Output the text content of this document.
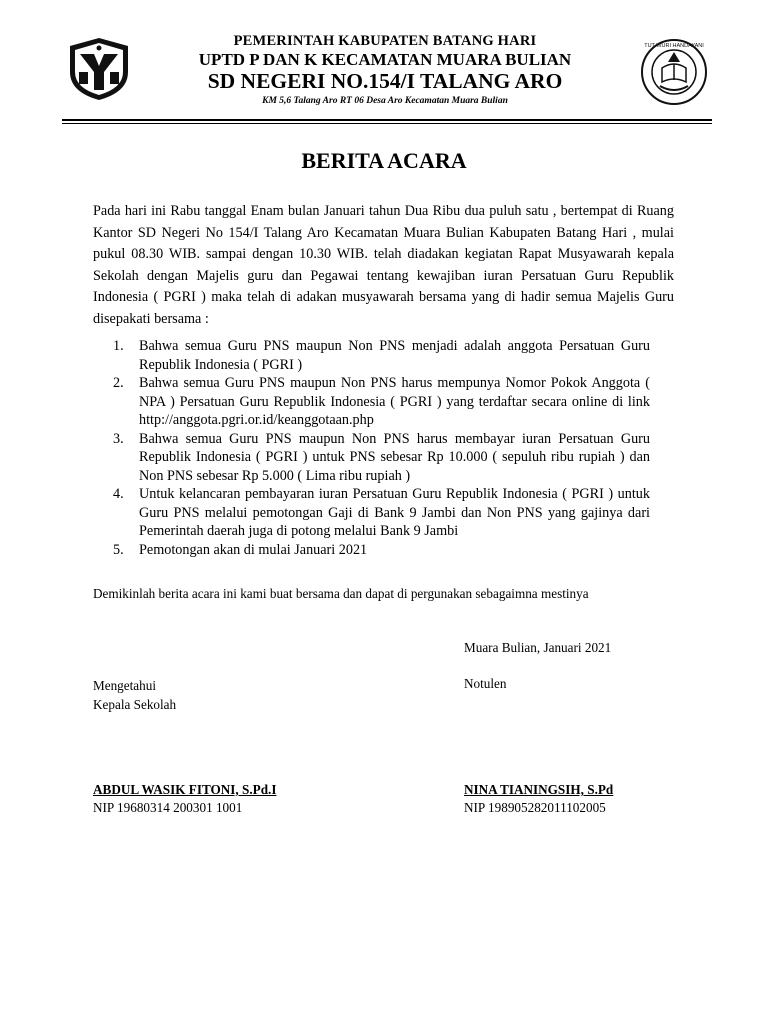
TUT WURI HANDAYANI
PEMERINTAH KABUPATEN BATANG HARI
UPTD P DAN K KECAMATAN MUARA BULIAN
SD NEGERI NO.154/I TALANG ARO
KM 5,6 Talang Aro RT 06 Desa Aro Kecamatan Muara Bulian
BERITA ACARA

Pada hari ini Rabu tanggal Enam bulan Januari tahun Dua Ribu dua puluh satu , bertempat di Ruang Kantor SD Negeri No 154/I Talang Aro Kecamatan Muara Bulian Kabupaten Batang Hari , mulai pukul 08.30 WIB. sampai dengan 10.30 WIB. telah diadakan kegiatan Rapat Musyawarah kepala Sekolah dengan Majelis guru dan Pegawai tentang kewajiban iuran Persatuan Guru Republik Indonesia ( PGRI ) maka telah di adakan musyawarah bersama yang di hadir semua Majelis Guru disepakati bersama :

1.	Bahwa semua Guru PNS maupun Non PNS menjadi adalah anggota Persatuan Guru Republik Indonesia ( PGRI )
2.	Bahwa semua Guru PNS maupun Non PNS harus mempunya Nomor Pokok Anggota ( NPA ) Persatuan Guru Republik Indonesia ( PGRI ) yang terdaftar secara online di link http://anggota.pgri.or.id/keanggotaan.php
3.	Bahwa semua Guru PNS maupun Non PNS harus membayar iuran Persatuan Guru Republik Indonesia ( PGRI ) untuk PNS sebesar Rp 10.000 ( sepuluh ribu rupiah ) dan Non PNS sebesar Rp 5.000 ( Lima ribu rupiah )
4.	Untuk kelancaran pembayaran iuran Persatuan Guru Republik Indonesia ( PGRI ) untuk Guru PNS melalui pemotongan Gaji di Bank 9 Jambi dan Non PNS yang gajinya dari Pemerintah daerah juga di potong melalui Bank 9 Jambi
5.	Pemotongan akan di mulai Januari 2021
Demikinlah berita acara ini kami buat bersama dan dapat di pergunakan sebagaimna mestinya
Muara Bulian, Januari 2021
Mengetahui
Kepala Sekolah
Notulen
ABDUL WASIK FITONI, S.Pd.I
NIP 19680314 200301 1001
NINA TIANINGSIH, S.Pd
NIP 198905282011102005
